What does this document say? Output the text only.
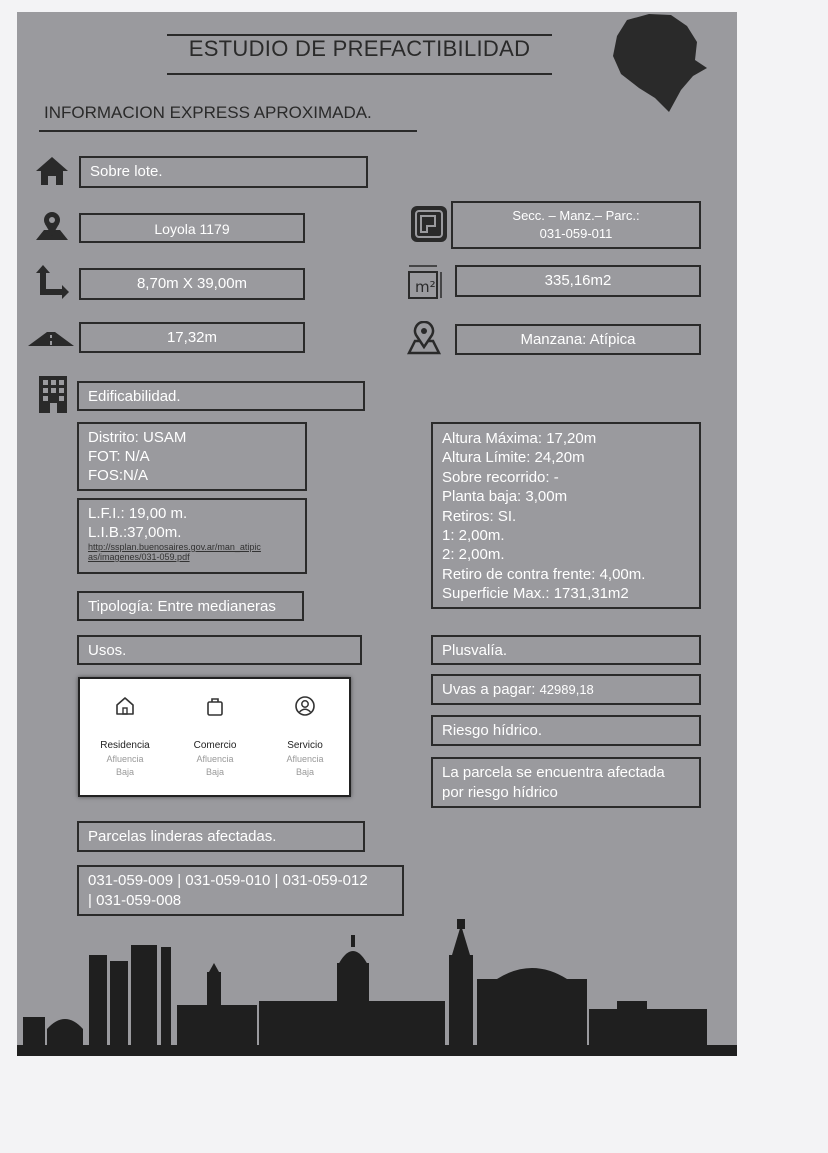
ESTUDIO DE PREFACTIBILIDAD
INFORMACION EXPRESS APROXIMADA.
Sobre lote.
Loyola 1179
Secc. – Manz.– Parc.:
031-059-011
8,70m X 39,00m	m²	335,16m2
17,32m	Manzana: Atípica
Edificabilidad.
Distrito: USAM
FOT: N/A
FOS:N/A
L.F.I.: 19,00 m.
L.I.B.:37,00m.
http://ssplan.buenosaires.gov.ar/man_atipic
as/imagenes/031-059.pdf
Tipología: Entre medianeras
Altura Máxima: 17,20m
Altura Límite: 24,20m
Sobre recorrido: -
Planta baja: 3,00m
Retiros: SI.
1: 2,00m.
2: 2,00m.
Retiro de contra frente: 4,00m.
Superficie Max.: 1731,31m2
Usos.
Residencia
Afluencia
Baja
Comercio
Afluencia
Baja
Servicio
Afluencia
Baja
Plusvalía.
Uvas a pagar: 42989,18
Riesgo hídrico.
La parcela se encuentra afectada
por riesgo hídrico
Parcelas linderas afectadas.
031-059-009 | 031-059-010 | 031-059-012
| 031-059-008
